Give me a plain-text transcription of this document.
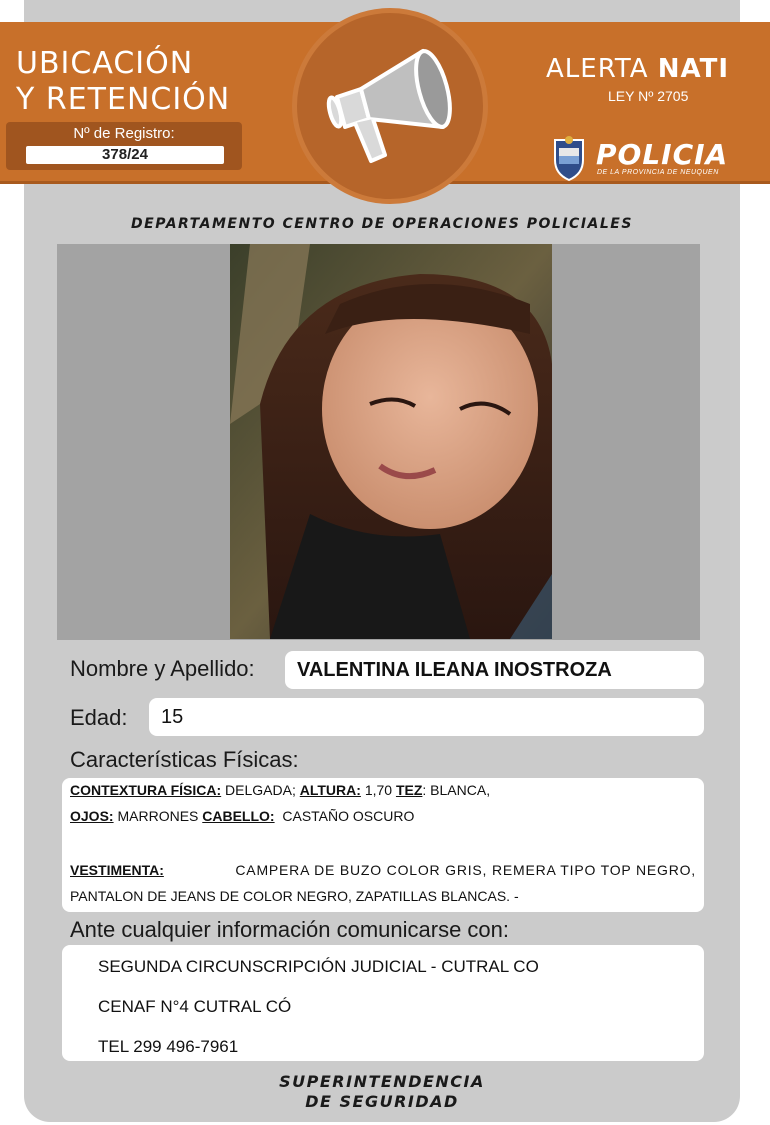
UBICACIÓN
Y RETENCIÓN
Nº de Registro:
378/24
ALERTA NATI
LEY Nº 2705
POLICIA
DE LA PROVINCIA DE NEUQUEN
DEPARTAMENTO CENTRO DE OPERACIONES POLICIALES
Nombre y Apellido:	VALENTINA ILEANA INOSTROZA
Edad:	15
Características Físicas:
CONTEXTURA FÍSICA: DELGADA; ALTURA: 1,70 TEZ: BLANCA,
OJOS: MARRONES CABELLO: CASTAÑO OSCURO
VESTIMENTA:	CAMPERA DE BUZO COLOR GRIS, REMERA TIPO TOP NEGRO,
PANTALON DE JEANS DE COLOR NEGRO, ZAPATILLAS BLANCAS. -
Ante cualquier información comunicarse con:
SEGUNDA CIRCUNSCRIPCIÓN JUDICIAL - CUTRAL CO
CENAF N°4 CUTRAL CÓ
TEL 299 496-7961
SUPERINTENDENCIA
DE SEGURIDAD
